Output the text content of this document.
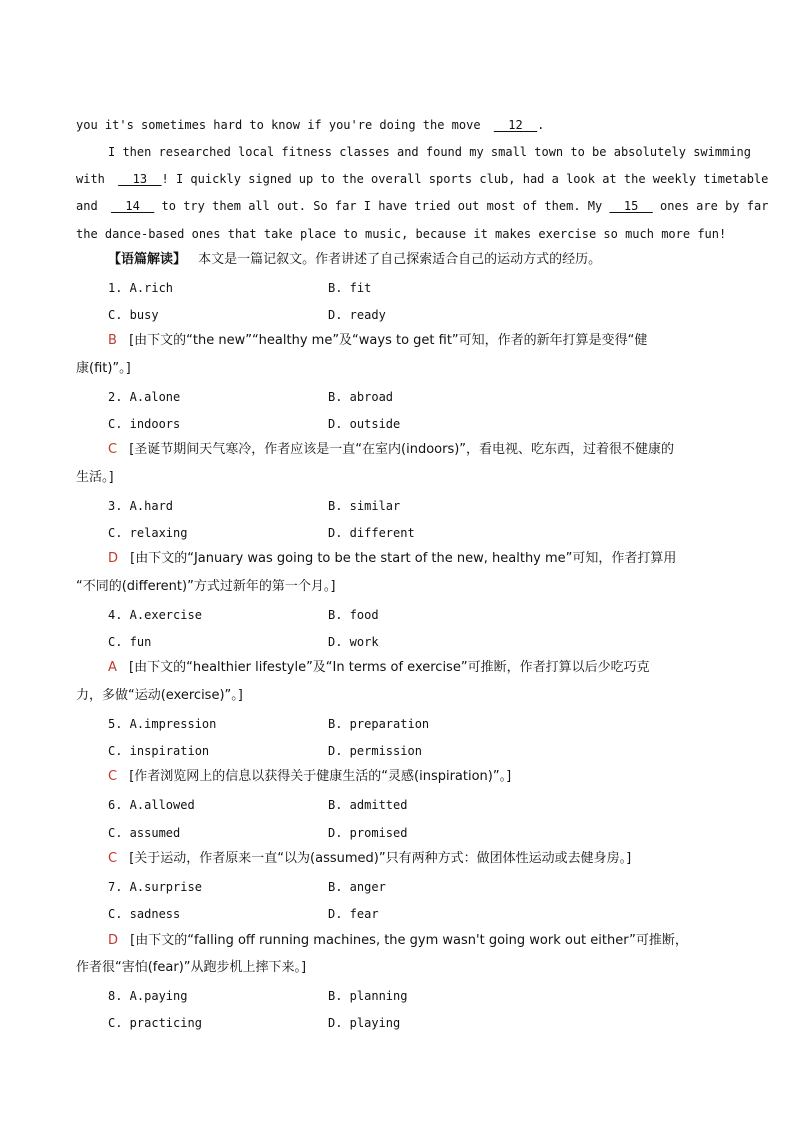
you it's sometimes hard to know if you're doing the move   12  .
I then researched local fitness classes and found my small town to be absolutely swimming
with   13  ! I quickly signed up to the overall sports club, had a look at the weekly timetable
and   14   to try them all out. So far I have tried out most of them. My   15   ones are by far
the dance-based ones that take place to music, because it makes exercise so much more fun!
【语篇解读】 本文是一篇记叙文。作者讲述了自己探索适合自己的运动方式的经历。
1. A.rich	B. fit
C. busy	D. ready
B [由下文的“the new”“healthy me”及“ways to get fit”可知，作者的新年打算是变得“健
康(fit)”。]
2. A.alone	B. abroad
C. indoors	D. outside
C [圣诞节期间天气寒冷，作者应该是一直“在室内(indoors)”，看电视、吃东西，过着很不健康的
生活。]
3. A.hard	B. similar
C. relaxing	D. different
D [由下文的“January was going to be the start of the new, healthy me”可知，作者打算用
“不同的(different)”方式过新年的第一个月。]
4. A.exercise	B. food
C. fun	D. work
A [由下文的“healthier lifestyle”及“In terms of exercise”可推断，作者打算以后少吃巧克
力，多做“运动(exercise)”。]
5. A.impression	B. preparation
C. inspiration	D. permission
C [作者浏览网上的信息以获得关于健康生活的“灵感(inspiration)”。]
6. A.allowed	B. admitted
C. assumed	D. promised
C [关于运动，作者原来一直“以为(assumed)”只有两种方式：做团体性运动或去健身房。]
7. A.surprise	B. anger
C. sadness	D. fear
D [由下文的“falling off running machines, the gym wasn't going work out either”可推断，
作者很“害怕(fear)”从跑步机上摔下来。]
8. A.paying	B. planning
C. practicing	D. playing
